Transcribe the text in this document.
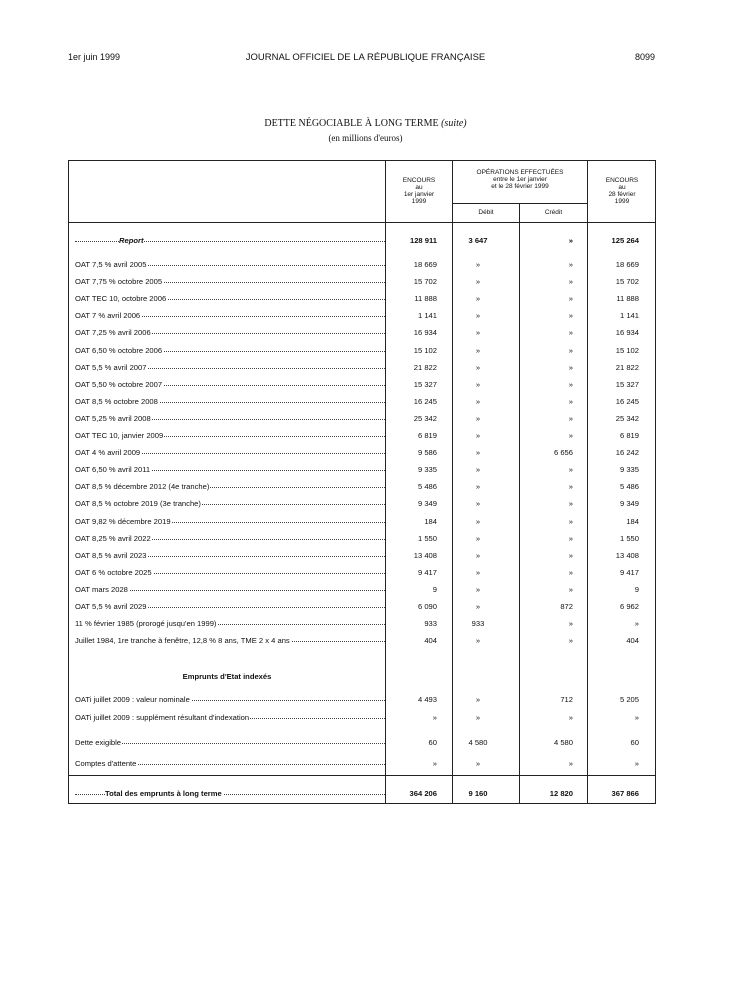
1er juin 1999	JOURNAL OFFICIEL DE LA RÉPUBLIQUE FRANÇAISE	8099
DETTE NÉGOCIABLE À LONG TERME (suite)
(en millions d'euros)
ENCOURS
au
1er janvier
1999
OPÉRATIONS EFFECTUÉES
entre le 1er janvier
et le 28 février 1999
Débit	Crédit
ENCOURS
au
28 février
1999
Report	128 911	3 647	»	125 264
OAT 7,5 % avril 2005	18 669	»	»	18 669
OAT 7,75 % octobre 2005	15 702	»	»	15 702
OAT TEC 10, octobre 2006	11 888	»	»	11 888
OAT 7 % avril 2006	1 141	»	»	1 141
OAT 7,25 % avril 2006	16 934	»	»	16 934
OAT 6,50 % octobre 2006	15 102	»	»	15 102
OAT 5,5 % avril 2007	21 822	»	»	21 822
OAT 5,50 % octobre 2007	15 327	»	»	15 327
OAT 8,5 % octobre 2008	16 245	»	»	16 245
OAT 5,25 % avril 2008	25 342	»	»	25 342
OAT TEC 10, janvier 2009	6 819	»	»	6 819
OAT 4 % avril 2009	9 586	»	6 656	16 242
OAT 6,50 % avril 2011	9 335	»	»	9 335
OAT 8,5 % décembre 2012 (4e tranche)	5 486	»	»	5 486
OAT 8,5 % octobre 2019 (3e tranche)	9 349	»	»	9 349
OAT 9,82 % décembre 2019	184	»	»	184
OAT 8,25 % avril 2022	1 550	»	»	1 550
OAT 8,5 % avril 2023	13 408	»	»	13 408
OAT 6 % octobre 2025	9 417	»	»	9 417
OAT mars 2028	9	»	»	9
OAT 5,5 % avril 2029	6 090	»	872	6 962
11 % février 1985 (prorogé jusqu'en 1999)	933	933	»	»
Juillet 1984, 1re tranche à fenêtre, 12,8 % 8 ans, TME 2 x 4 ans	404	»	»	404
Emprunts d'Etat indexés
OATi juillet 2009 : valeur nominale	4 493	»	712	5 205
OATi juillet 2009 : supplément résultant d'indexation	»	»	»	»
Dette exigible	60	4 580	4 580	60
Comptes d'attente	»	»	»	»
Total des emprunts à long terme	364 206	9 160	12 820	367 866
